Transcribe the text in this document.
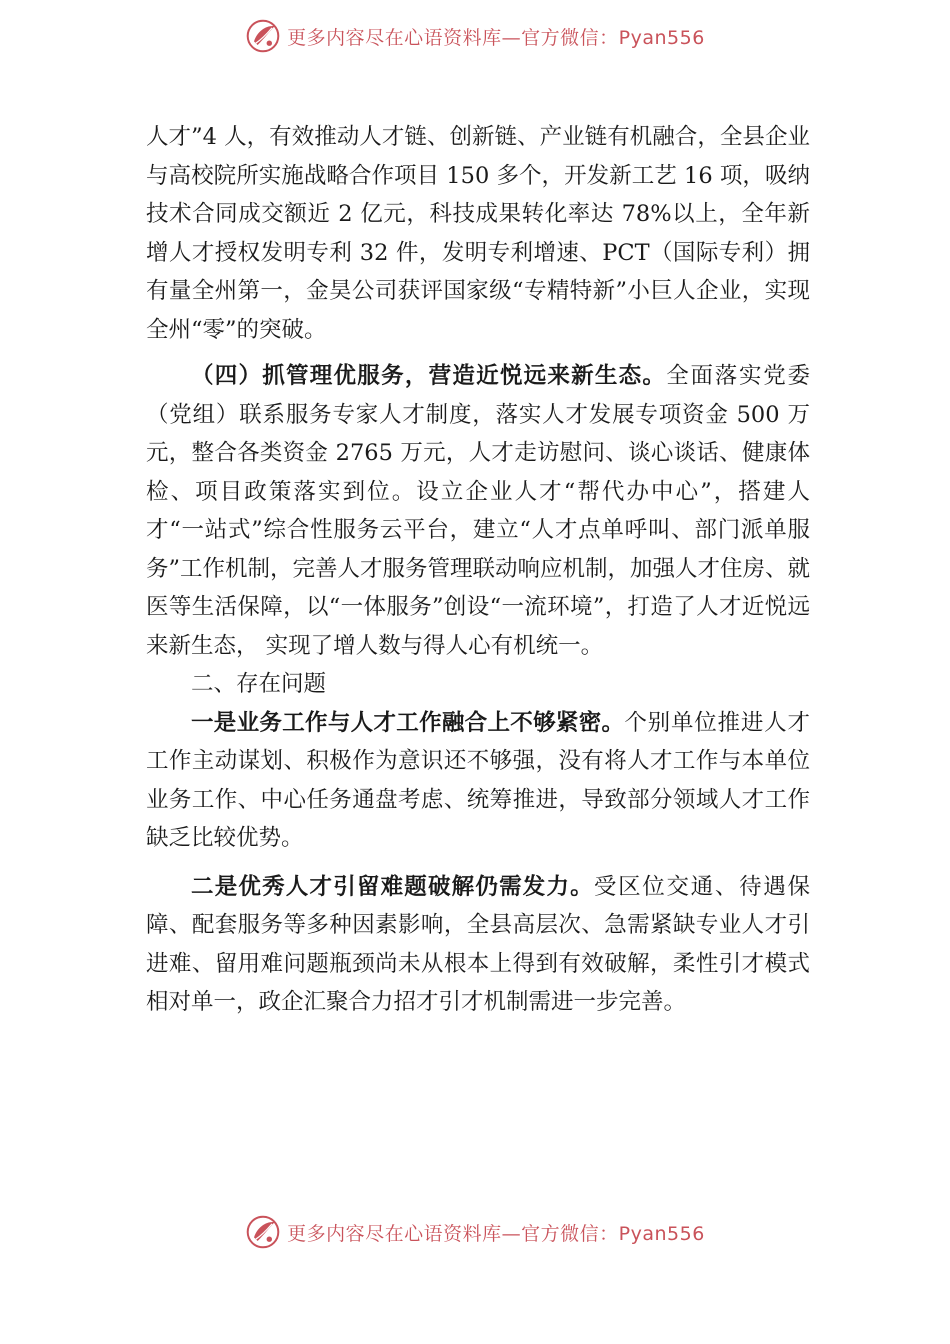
更多内容尽在心语资料库—官方微信：Pyan556

人才”4 人，有效推动人才链、创新链、产业链有机融合，全县企业与高校院所实施战略合作项目 150 多个，开发新工艺 16 项，吸纳技术合同成交额近 2 亿元，科技成果转化率达 78%以上，全年新增人才授权发明专利 32 件，发明专利增速、PCT（国际专利）拥有量全州第一，金昊公司获评国家级“专精特新”小巨人企业，实现全州“零”的突破。

（四）抓管理优服务，营造近悦远来新生态。全面落实党委（党组）联系服务专家人才制度，落实人才发展专项资金 500 万元，整合各类资金 2765 万元，人才走访慰问、谈心谈话、健康体检、项目政策落实到位。设立企业人才“帮代办中心”，搭建人才“一站式”综合性服务云平台，建立“人才点单呼叫、部门派单服务”工作机制，完善人才服务管理联动响应机制，加强人才住房、就医等生活保障，以“一体服务”创设“一流环境”，打造了人才近悦远来新生态， 实现了增人数与得人心有机统一。

二、存在问题

一是业务工作与人才工作融合上不够紧密。个别单位推进人才工作主动谋划、积极作为意识还不够强，没有将人才工作与本单位业务工作、中心任务通盘考虑、统筹推进，导致部分领域人才工作缺乏比较优势。

二是优秀人才引留难题破解仍需发力。受区位交通、待遇保障、配套服务等多种因素影响，全县高层次、急需紧缺专业人才引进难、留用难问题瓶颈尚未从根本上得到有效破解，柔性引才模式相对单一，政企汇聚合力招才引才机制需进一步完善。

更多内容尽在心语资料库—官方微信：Pyan556
